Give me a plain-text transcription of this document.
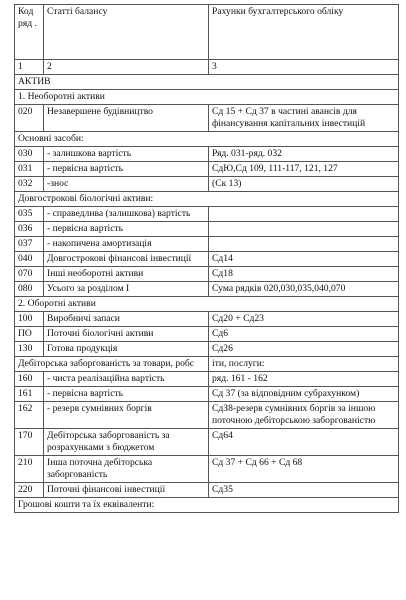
Код ряд .	Статті балансу	Рахунки бухгалтерського обліку
1	2	3
АКТИВ		
1. Необоротні активи		
020	Незавершене будівництво	Сд 15 + Сд 37 в частині авансів для фінансування капітальних інвестицій
Основні засоби:		
030	- залишкова вартість	Ряд. 031-ряд. 032
031	- первісна вартість	СдЮ,Сд 109, 111-117, 121, 127
032	-знос	(Ск 13)
Довгострокові біологічні активи:		
035	- справедлива (залишкова) вартість	
036	- первісна вартість	
037	- накопичена амортизація	
040	Довгострокові фінансові інвестиції	Сд14
070	Інші необоротні активи	Сд18
080	Усього за розділом І	Сума рядків 020,030,035,040,070
2. Оборотні активи		
100	Виробничі запаси	Сд20 + Сд23
ПО	Поточні біологічні активи	Сд6
130	Готова продукція	Сд26
Дебіторська заборгованість за товари, робс		іти, послуги:
160	- чиста реалізаційна вартість	ряд. 161 - 162
161	- первісна вартість	Сд 37 (за відповідним субрахунком)
162	- резерв сумнівних боргів	СдЗ8-резерв сумнівних боргів за іншою поточною дебіторською заборгованістю
170	Дебіторська заборгованість за розрахунками з бюджетом	Сд64
210	Інша поточна дебіторська заборгованість	Сд 37 + Сд 66 + Сд 68
220	Поточні фінансові інвестиції	Сд35
Грошові кошти та їх еквіваленти:		
